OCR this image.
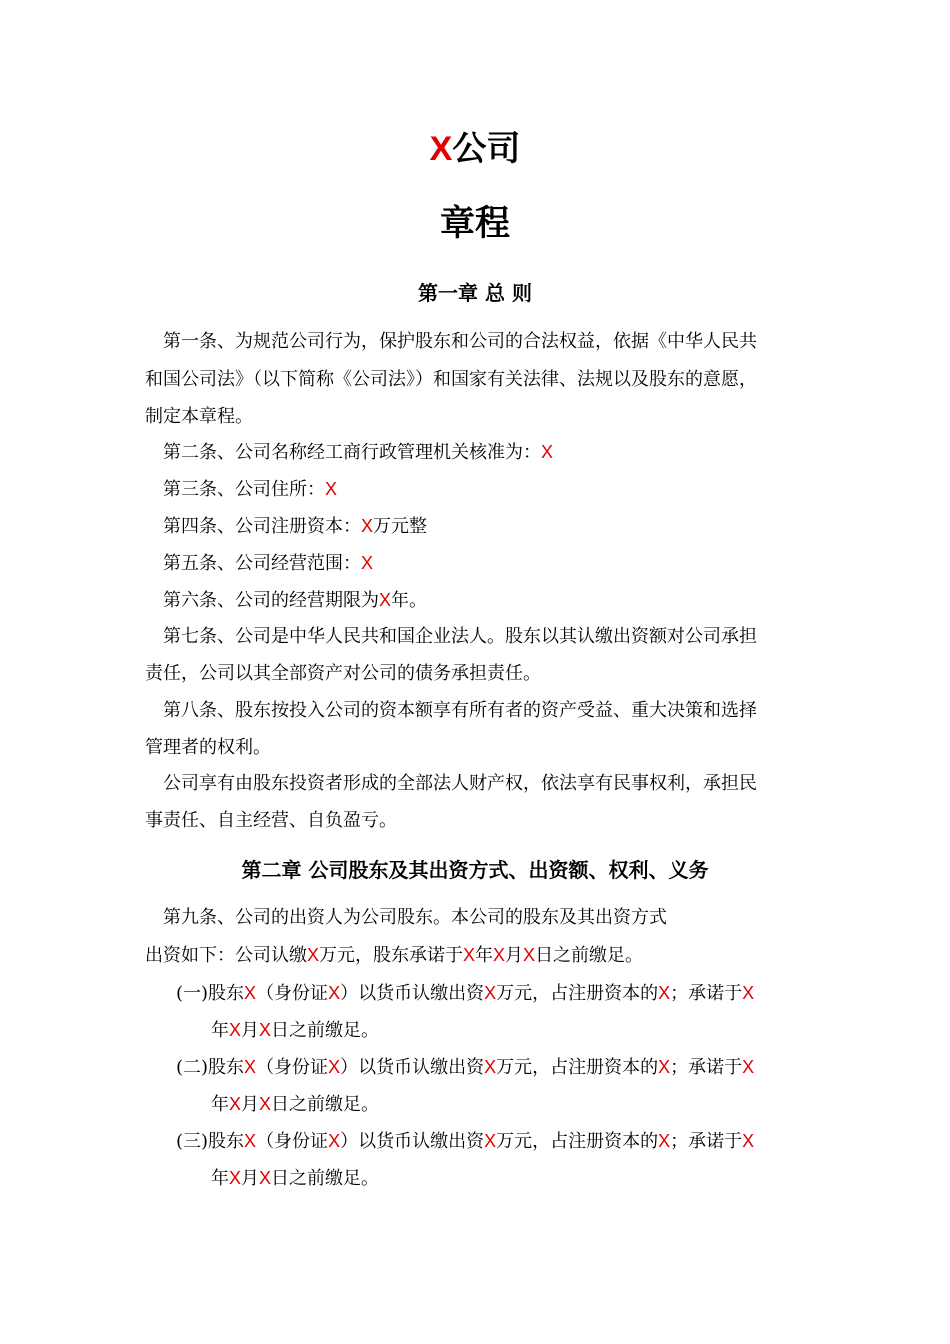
X公司
章程
第一章 总 则
第一条、为规范公司行为，保护股东和公司的合法权益，依据《中华人民共
和国公司法》（以下简称《公司法》）和国家有关法律、法规以及股东的意愿，
制定本章程。
第二条、公司名称经工商行政管理机关核准为：X
第三条、公司住所：X
第四条、公司注册资本：X万元整
第五条、公司经营范围：X
第六条、公司的经营期限为X年。
第七条、公司是中华人民共和国企业法人。股东以其认缴出资额对公司承担
责任，公司以其全部资产对公司的债务承担责任。
第八条、股东按投入公司的资本额享有所有者的资产受益、重大决策和选择
管理者的权利。
公司享有由股东投资者形成的全部法人财产权，依法享有民事权利，承担民
事责任、自主经营、自负盈亏。
第二章 公司股东及其出资方式、出资额、权利、义务
第九条、公司的出资人为公司股东。本公司的股东及其出资方式
出资如下：公司认缴X万元，股东承诺于X年X月X日之前缴足。
(一)股东X（身份证X）以货币认缴出资X万元，占注册资本的X；承诺于X
年X月X日之前缴足。
(二)股东X（身份证X）以货币认缴出资X万元，占注册资本的X；承诺于X
年X月X日之前缴足。
(三)股东X（身份证X）以货币认缴出资X万元，占注册资本的X；承诺于X
年X月X日之前缴足。
